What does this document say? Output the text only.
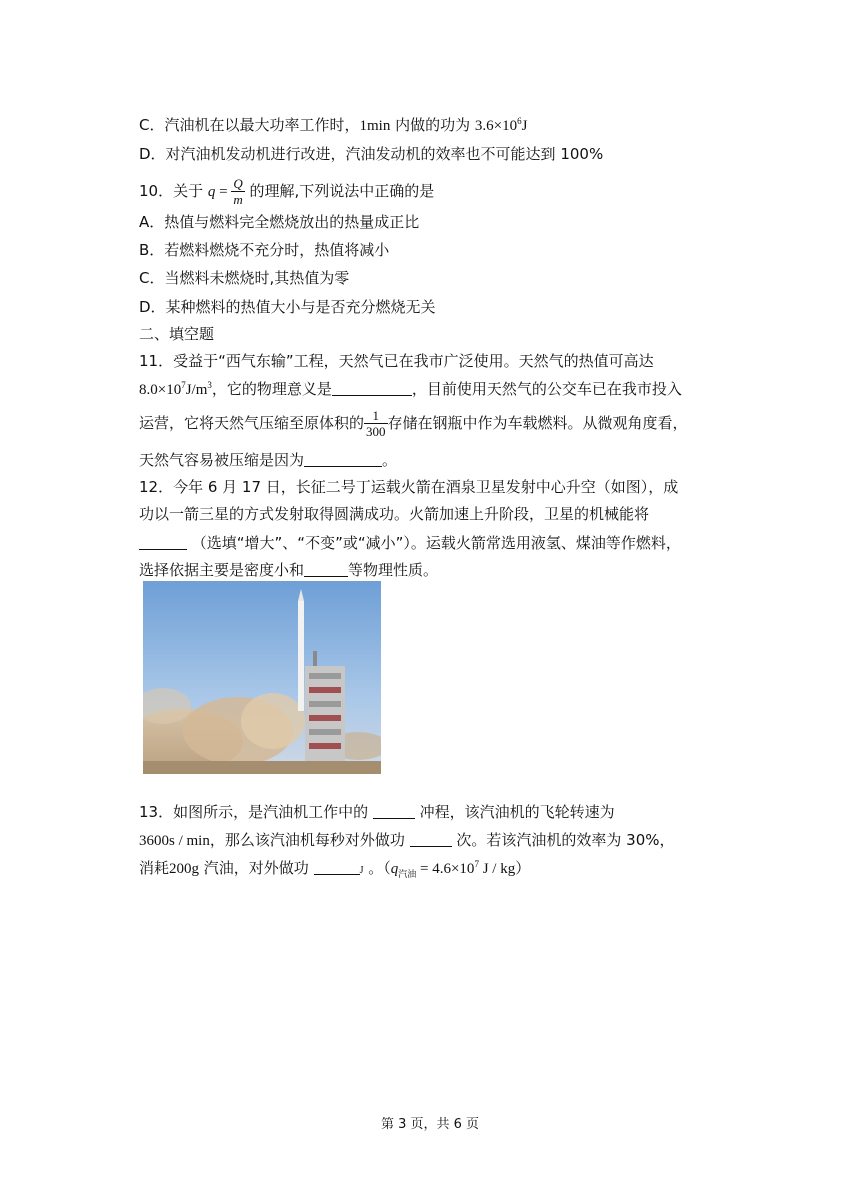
C．汽油机在以最大功率工作时，1min 内做的功为 $3.6\times 10^6J$
D．对汽油机发动机进行改进，汽油发动机的效率也不可能达到 100%
10．关于 $q = \frac{Q}{m}$ 的理解,下列说法中正确的是
A．热值与燃料完全燃烧放出的热量成正比
B．若燃料燃烧不充分时，热值将减小
C．当燃料未燃烧时,其热值为零
D．某种燃料的热值大小与是否充分燃烧无关
二、填空题
11．受益于“西气东输”工程，天然气已在我市广泛使用。天然气的热值可高达
$8.0\times 10^7J/m^3$，它的物理意义是	，目前使用天然气的公交车已在我市投入
运营，它将天然气压缩至原体积的 $\frac{1}{300}$ 存储在钢瓶中作为车载燃料。从微观角度看，
天然气容易被压缩是因为	。
12．今年 6 月 17 日，长征二号丁运载火箭在酒泉卫星发射中心升空（如图），成
功以一箭三星的方式发射取得圆满成功。火箭加速上升阶段，卫星的机械能将
（选填“增大”、“不变”或“减小”）。运载火箭常选用液氢、煤油等作燃料，
选择依据主要是密度小和	等物理性质。
13．如图所示，是汽油机工作中的	冲程，该汽油机的飞轮转速为
3600s / min，那么该汽油机每秒对外做功	次。若该汽油机的效率为 30%，
消耗200g 汽油，对外做功	J 。（$q_{汽油} = 4.6\times 10^7$ J / kg）
第 3 页，共 6 页
